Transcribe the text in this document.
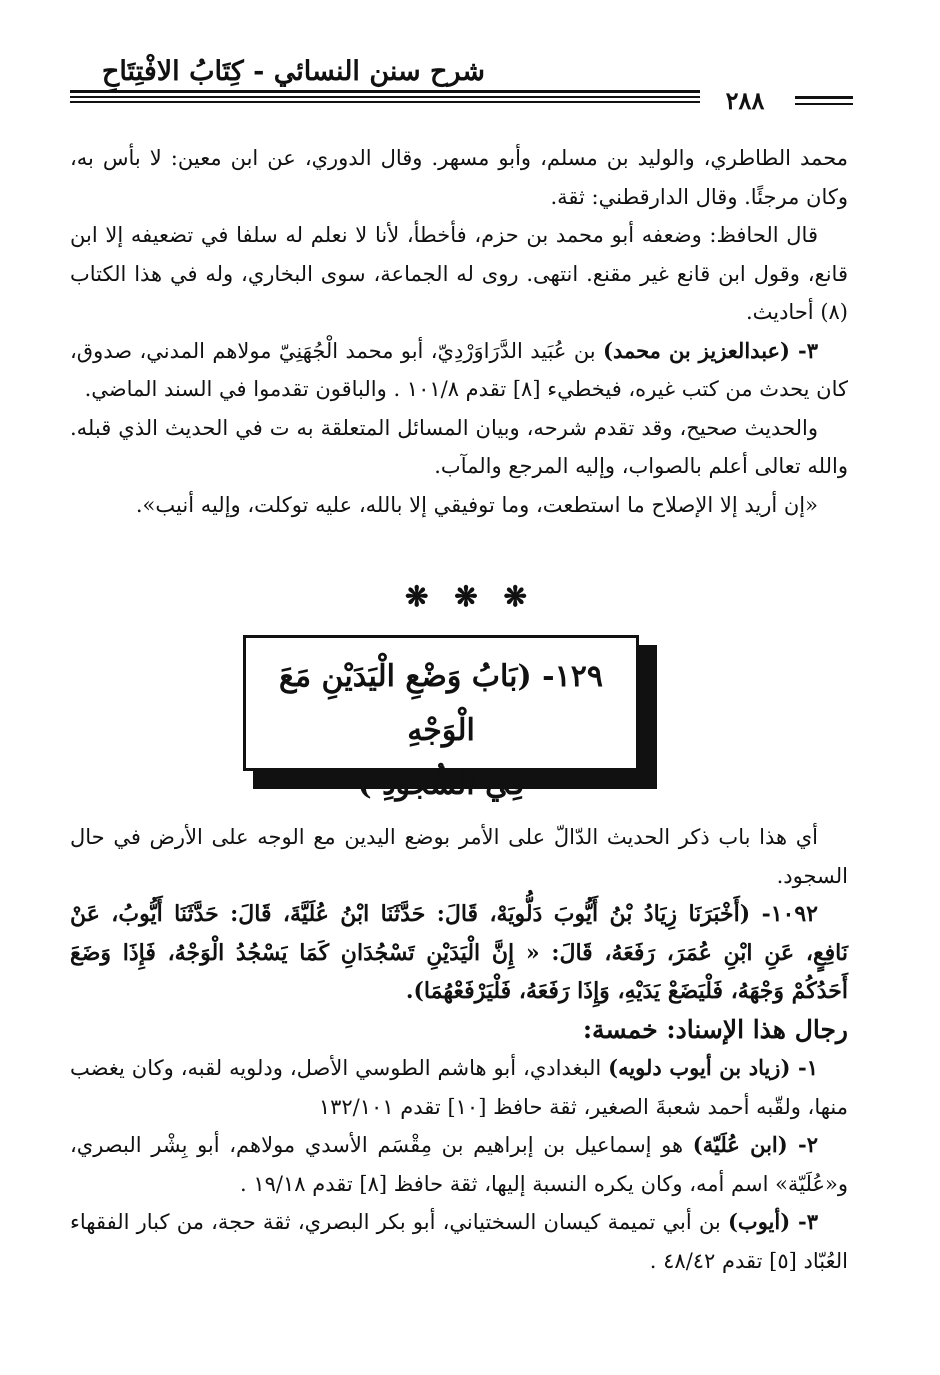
شرح سنن النسائي - كِتَابُ الافْتِتَاحِ
٢٨٨

محمد الطاطري، والوليد بن مسلم، وأبو مسهر. وقال الدوري، عن ابن معين: لا بأس به، وكان مرجئًا. وقال الدارقطني: ثقة.

قال الحافظ: وضعفه أبو محمد بن حزم، فأخطأ، لأنا لا نعلم له سلفا في تضعيفه إلا ابن قانع، وقول ابن قانع غير مقنع. انتهى. روى له الجماعة، سوى البخاري، وله في هذا الكتاب (٨) أحاديث.

٣- (عبدالعزيز بن محمد) بن عُبَيد الدَّرَاوَرْدِيّ، أبو محمد الْجُهَنِيّ مولاهم المدني، صدوق، كان يحدث من كتب غيره، فيخطيء [٨] تقدم ١٠١/٨ . والباقون تقدموا في السند الماضي.

والحديث صحيح، وقد تقدم شرحه، وبيان المسائل المتعلقة به ت في الحديث الذي قبله. والله تعالى أعلم بالصواب، وإليه المرجع والمآب.

«إن أريد إلا الإصلاح ما استطعت، وما توفيقي إلا بالله، عليه توكلت، وإليه أنيب».

❋ ❋ ❋
١٢٩- (بَابُ وَضْعِ الْيَدَيْنِ مَعَ الْوَجْهِ
فِي السُّجُودِ )

أي هذا باب ذكر الحديث الدّالّ على الأمر بوضع اليدين مع الوجه على الأرض في حال السجود.

١٠٩٢- (أَخْبَرَنَا زِيَادُ بْنُ أَيُّوبَ دَلُّويَهْ، قَالَ: حَدَّثَنَا ابْنُ عُلَيَّةَ، قَالَ: حَدَّثَنَا أَيُّوبُ، عَنْ نَافِعٍ، عَنِ ابْنِ عُمَرَ، رَفَعَهُ، قَالَ: « إِنَّ الْيَدَيْنِ تَسْجُدَانِ كَمَا يَسْجُدُ الْوَجْهُ، فَإِذَا وَضَعَ أَحَدُكُمْ وَجْهَهُ، فَلْيَضَعْ يَدَيْهِ، وَإِذَا رَفَعَهُ، فَلْيَرْفَعْهُمَا).

رجال هذا الإسناد: خمسة:

١- (زياد بن أيوب دلويه) البغدادي، أبو هاشم الطوسي الأصل، ودلويه لقبه، وكان يغضب منها، ولقّبه أحمد شعبةَ الصغير، ثقة حافظ [١٠] تقدم ١٣٢/١٠١

٢- (ابن عُلَيّة) هو إسماعيل بن إبراهيم بن مِقْسَم الأسدي مولاهم، أبو بِشْر البصري، و«عُلَيّة» اسم أمه، وكان يكره النسبة إليها، ثقة حافظ [٨] تقدم ١٩/١٨ .

٣- (أيوب) بن أبي تميمة كيسان السختياني، أبو بكر البصري، ثقة حجة، من كبار الفقهاء العُبّاد [٥] تقدم ٤٨/٤٢ .
